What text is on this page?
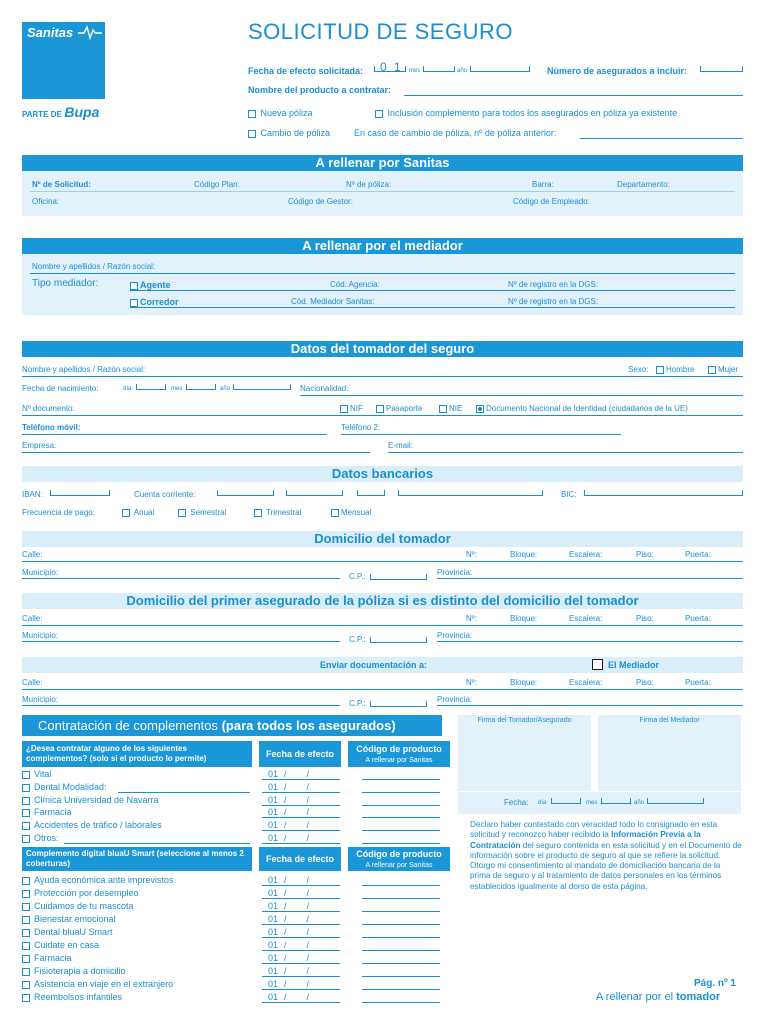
Sanitas
PARTE DE Bupa
SOLICITUD DE SEGURO
Fecha de efecto solicitada: 0 1 mes	año	Número de asegurados a incluir:
Nombre del producto a contratar:
Nueva póliza	Inclusión complemento para todos los asegurados en póliza ya existente
Cambio de póliza	En caso de cambio de póliza, nº de póliza anterior:
A rellenar por Sanitas
Nº de Solicitud:	Código Plan:	Nº de póliza:	Barra:	Departamento:
Oficina:	Código de Gestor:	Código de Empleado:
A rellenar por el mediador
Nombre y apellidos / Razón social:
Tipo mediador:	Agente	Cód. Agencia:	Nº de registro en la DGS:
Corredor	Cód. Mediador Sanitas:	Nº de registro en la DGS:
Datos del tomador del seguro
Nombre y apellidos / Razón social:	Sexo:	Hombre	Mujer
Fecha de nacimiento:	día	mes	año	Nacionalidad:
Nº documento:	NIF	Pasaporte	NIE	Documento Nacional de Identidad (ciudadanos de la UE)
Teléfono móvil:	Teléfono 2:
Empresa:	E-mail:
Datos bancarios
IBAN:	Cuenta corriente:	BIC:
Frecuencia de pago:	Anual	Semestral	Trimestral	Mensual
Domicilio del tomador
Calle:	Nº:	Bloque:	Escalera:	Piso:	Puerta:
Municipio:	C.P.:	Provincia:
Domicilio del primer asegurado de la póliza si es distinto del domicilio del tomador
Calle:	Nº:	Bloque:	Escalera:	Piso:	Puerta:
Municipio:	C.P.:	Provincia:
Enviar documentación a:	El Mediador
Calle:	Nº:	Bloque:	Escalera:	Piso:	Puerta:
Municipio:	C.P.:	Provincia:
Contratación de complementos (para todos los asegurados)
¿Desea contratar alguno de los siguientes complementos? (solo si el producto lo permite)	Fecha de efecto	Código de producto
A rellenar por Sanitas
Vital	01 / /
Dental Modalidad:	01 / /
Clínica Universidad de Navarra	01 / /
Farmacia	01 / /
Accidentes de tráfico / laborales	01 / /
Otros:	01 / /
Complemento digital bluaU Smart (seleccione al menos 2 coberturas)	Fecha de efecto	Código de producto
A rellenar por Sanitas
Ayuda económica ante imprevistos	01 / /
Protección por desempleo	01 / /
Cuidamos de tu mascota	01 / /
Bienestar emocional	01 / /
Dental bluaU Smart	01 / /
Cuidate en casa	01 / /
Farmacia	01 / /
Fisioterapia a domicilio	01 / /
Asistencia en viaje en el extranjero	01 / /
Reembolsos infantiles	01 / /
Firma del Tomador/Asegurado	Firma del Mediador
Fecha: día	mes	año
Declaro haber contestado con veracidad todo lo consignado en esta solicitud y reconozco haber recibido la Información Previa a la Contratación del seguro contenida en esta solicitud y en el Documento de información sobre el producto de seguro al que se refiere la solicitud. Otorgo mi consentimiento al mandato de domiciliación bancaria de la prima de seguro y al tratamiento de datos personales en los términos establecidos igualmente al dorso de esta página.
Pág. nº 1
A rellenar por el tomador
